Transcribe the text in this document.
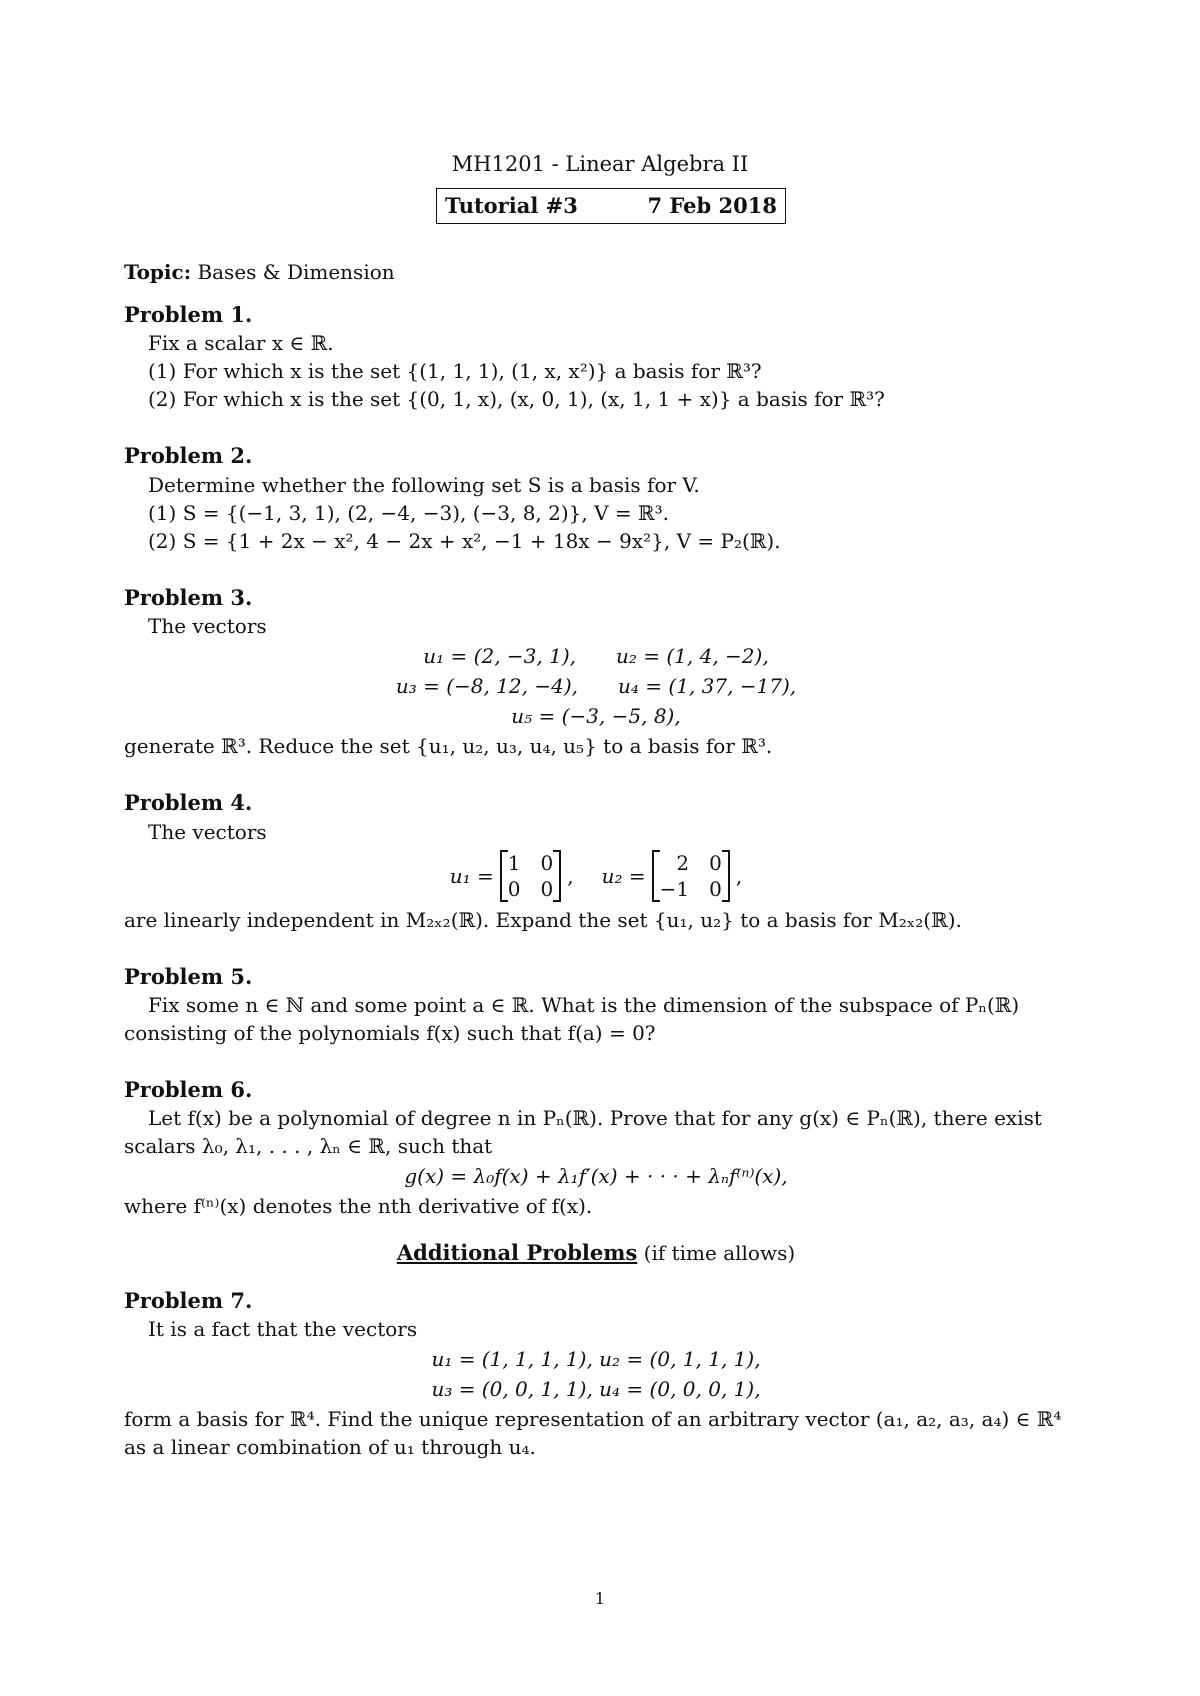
MH1201 - Linear Algebra II
Tutorial #3	7 Feb 2018
Topic: Bases & Dimension

Problem 1.

Fix a scalar x ∈ ℝ.

(1) For which x is the set {(1, 1, 1), (1, x, x²)} a basis for ℝ³?

(2) For which x is the set {(0, 1, x), (x, 0, 1), (x, 1, 1 + x)} a basis for ℝ³?

Problem 2.

Determine whether the following set S is a basis for V.

(1) S = {(−1, 3, 1), (2, −4, −3), (−3, 8, 2)}, V = ℝ³.

(2) S = {1 + 2x − x², 4 − 2x + x², −1 + 18x − 9x²}, V = P₂(ℝ).

Problem 3.

The vectors

u₁ = (2, −3, 1), u₂ = (1, 4, −2),

u₃ = (−8, 12, −4), u₄ = (1, 37, −17),

u₅ = (−3, −5, 8),

generate ℝ³. Reduce the set {u₁, u₂, u₃, u₄, u₅} to a basis for ℝ³.

Problem 4.

The vectors

u₁ =
1 0
0 0
, u₂ =
2 0
−1 0
,

are linearly independent in M₂ₓ₂(ℝ). Expand the set {u₁, u₂} to a basis for M₂ₓ₂(ℝ).

Problem 5.

Fix some n ∈ ℕ and some point a ∈ ℝ. What is the dimension of the subspace of Pₙ(ℝ)

consisting of the polynomials f(x) such that f(a) = 0?

Problem 6.

Let f(x) be a polynomial of degree n in Pₙ(ℝ). Prove that for any g(x) ∈ Pₙ(ℝ), there exist

scalars λ₀, λ₁, . . . , λₙ ∈ ℝ, such that

g(x) = λ₀f(x) + λ₁f′(x) + · · · + λₙf⁽ⁿ⁾(x),

where f⁽ⁿ⁾(x) denotes the nth derivative of f(x).

Additional Problems (if time allows)

Problem 7.

It is a fact that the vectors

u₁ = (1, 1, 1, 1), u₂ = (0, 1, 1, 1),

u₃ = (0, 0, 1, 1), u₄ = (0, 0, 0, 1),

form a basis for ℝ⁴. Find the unique representation of an arbitrary vector (a₁, a₂, a₃, a₄) ∈ ℝ⁴

as a linear combination of u₁ through u₄.

1
